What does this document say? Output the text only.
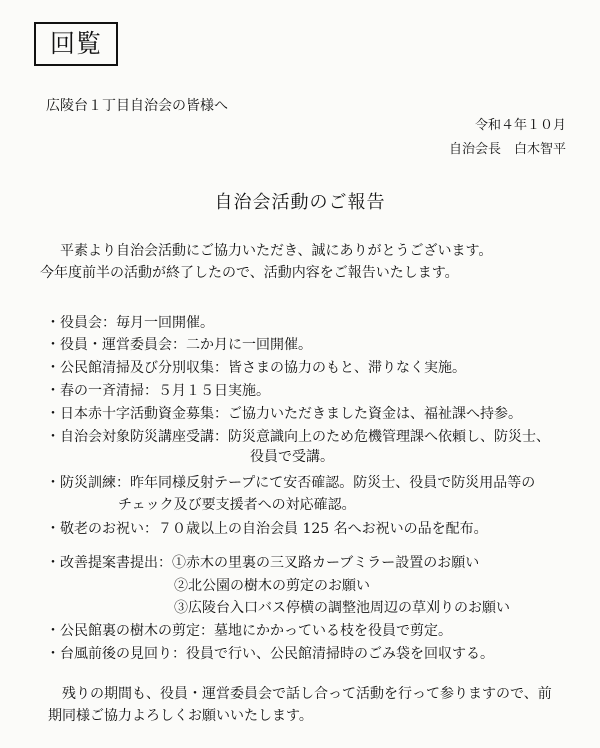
回覧
広陵台１丁目自治会の皆様へ
令和４年１０月
自治会長　白木智平
自治会活動のご報告
平素より自治会活動にご協力いただき、誠にありがとうございます。
今年度前半の活動が終了したので、活動内容をご報告いたします。
・役員会：毎月一回開催。
・役員・運営委員会：二か月に一回開催。
・公民館清掃及び分別収集：皆さまの協力のもと、滞りなく実施。
・春の一斉清掃：５月１５日実施。
・日本赤十字活動資金募集：ご協力いただきました資金は、福祉課へ持参。
・自治会対象防災講座受講：防災意識向上のため危機管理課へ依頼し、防災士、
役員で受講。
・防災訓練：昨年同様反射テープにて安否確認。防災士、役員で防災用品等の
チェック及び要支援者への対応確認。
・敬老のお祝い：７０歳以上の自治会員 125 名へお祝いの品を配布。
・改善提案書提出：①赤木の里裏の三叉路カーブミラー設置のお願い
②北公園の樹木の剪定のお願い
③広陵台入口バス停横の調整池周辺の草刈りのお願い
・公民館裏の樹木の剪定：墓地にかかっている枝を役員で剪定。
・台風前後の見回り：役員で行い、公民館清掃時のごみ袋を回収する。
残りの期間も、役員・運営委員会で話し合って活動を行って参りますので、前
期同様ご協力よろしくお願いいたします。
